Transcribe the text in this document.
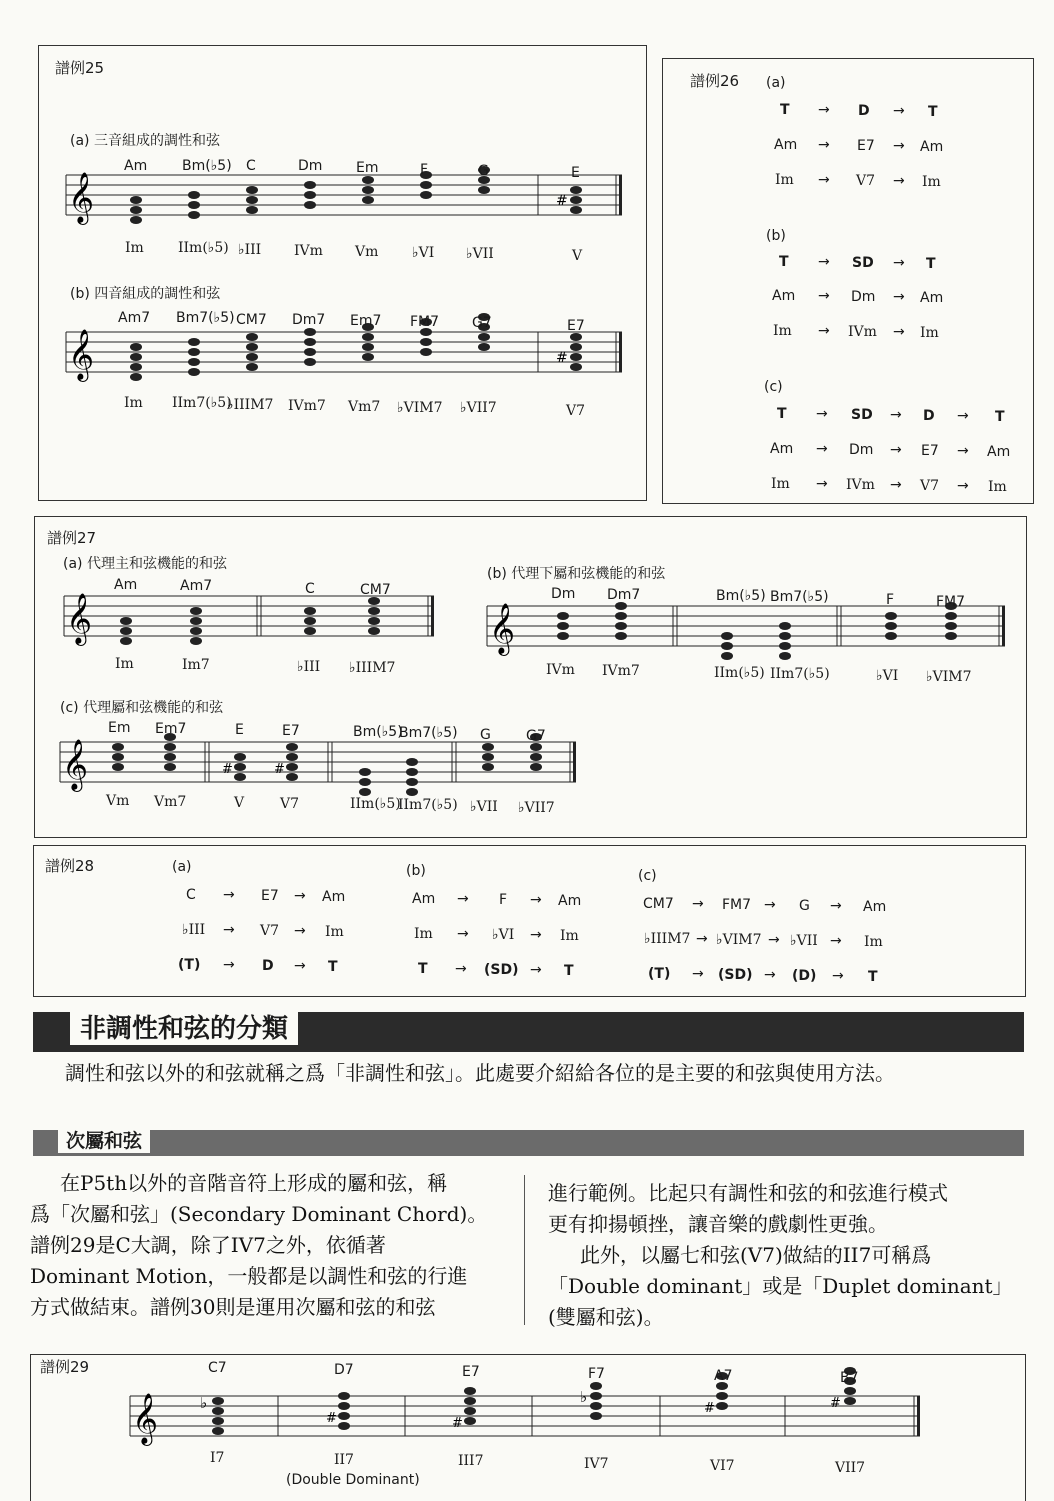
譜例25
(a) 三音組成的調性和弦
(b) 四音組成的調性和弦
𝄞	#
Am Bm(♭5) C	Dm Em	F	G	E
Im IIm(♭5) ♭III IVm Vm ♭VI ♭VII	V
𝄞	#
Am7 Bm7(♭5) CM7 Dm7 Em7 FM7 G7	E7
Im IIm7(♭5)
♭IIIM7 IVm7 Vm7 ♭VIM7 ♭VII7	V7
譜例26 (a)
T → D → T
Am → E7 → Am
Im → V7 → Im
(b)
T → SD → T
Am → Dm → Am
Im → IVm → Im
(c)
T → SD → D → T
Am → Dm → E7 → Am
Im → IVm → V7 → Im
譜例27
(a) 代理主和弦機能的和弦
(b) 代理下屬和弦機能的和弦
(c) 代理屬和弦機能的和弦
𝄞
Am	Am7	C	CM7
Im	Im7	♭III ♭IIIM7
𝄞
Dm Dm7	Bm(♭5) Bm7(♭5)	F	FM7
IVm IVm7	IIm(♭5) IIm7(♭5)	♭VI ♭VIM7
𝄞	#	#
Em Em7	E	E7	Bm(♭5)
Bm7(♭5) G	G7
Vm Vm7	V	V7	IIm(♭5)
IIm7(♭5) ♭VII ♭VII7
譜例28	(a)
C → E7 → Am
♭III → V7 → Im
(T) → D → T
(b)
Am → F → Am
Im → ♭VI → Im
T → (SD) → T
(c)
CM7 → FM7 → G → Am
♭IIIM7 → ♭VIM7 → ♭VII → Im
(T) → (SD) → (D) → T
非調性和弦的分類
調性和弦以外的和弦就稱之爲「非調性和弦」。此處要介紹給各位的是主要的和弦與使用方法。
次屬和弦
在P5th以外的音階音符上形成的屬和弦，稱
爲「次屬和弦」(Secondary Dominant Chord)。
譜例29是C大調，除了IV7之外，依循著
Dominant Motion，一般都是以調性和弦的行進
方式做結束。譜例30則是運用次屬和弦的和弦
進行範例。比起只有調性和弦的和弦進行模式
更有抑揚頓挫，讓音樂的戲劇性更強。
此外，以屬七和弦(V7)做結的II7可稱爲
「Double dominant」或是「Duplet dominant」
(雙屬和弦)。
譜例29
𝄞	♭
#	#
♭
#	#
C7	D7	E7	F7	A7	B7
I7	II7	III7	IV7	VI7	VII7
(Double Dominant)
